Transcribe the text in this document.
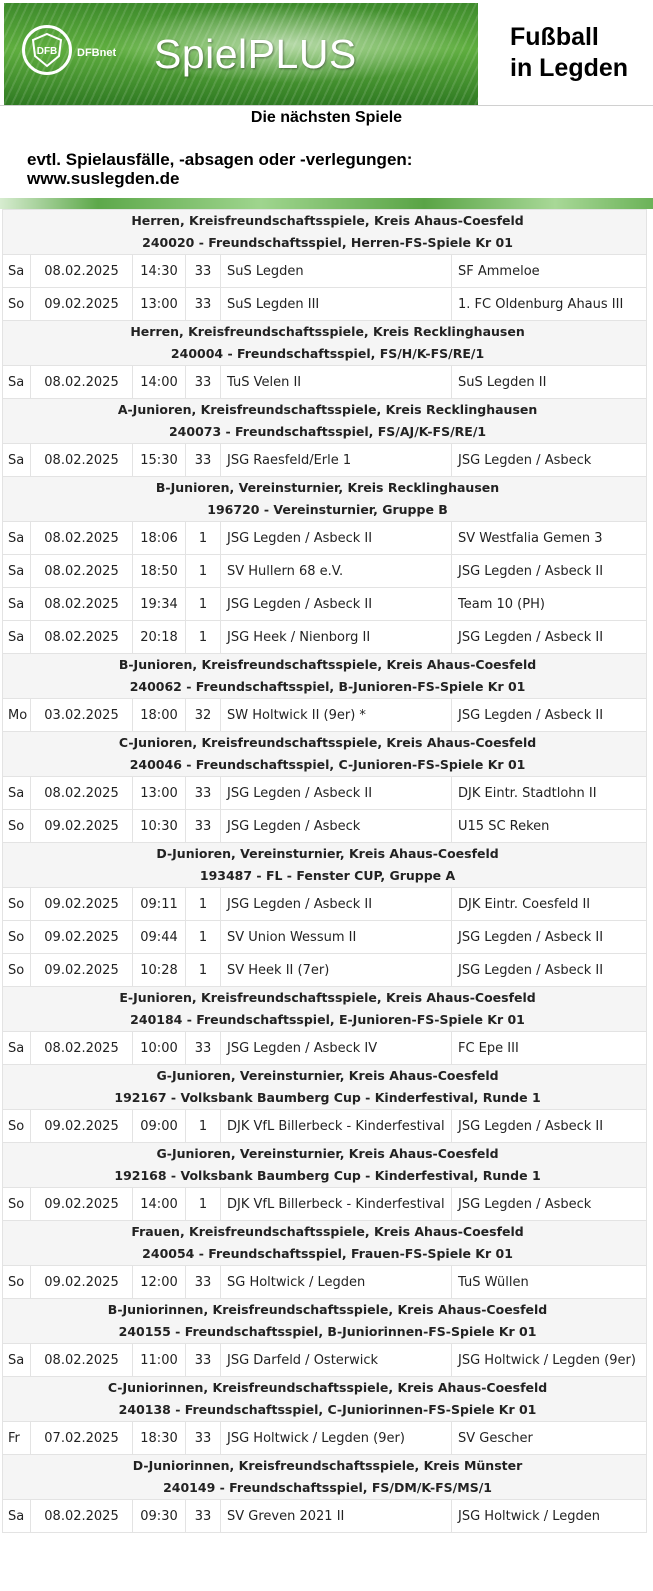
DFB DFBnet SpielPLUS	Fußball
in Legden
Die nächsten Spiele
evtl. Spielausfälle, -absagen oder -verlegungen:
www.suslegden.de
Herren, Kreisfreundschaftsspiele, Kreis Ahaus-Coesfeld
240020 - Freundschaftsspiel, Herren-FS-Spiele Kr 01					

Sa	08.02.2025	14:30	33	SuS Legden	SF Ammeloe
So	09.02.2025	13:00	33	SuS Legden III	1. FC Oldenburg Ahaus III

Herren, Kreisfreundschaftsspiele, Kreis Recklinghausen
240004 - Freundschaftsspiel, FS/H/K-FS/RE/1					

Sa	08.02.2025	14:00	33	TuS Velen II	SuS Legden II

A-Junioren, Kreisfreundschaftsspiele, Kreis Recklinghausen
240073 - Freundschaftsspiel, FS/AJ/K-FS/RE/1					

Sa	08.02.2025	15:30	33	JSG Raesfeld/Erle 1	JSG Legden / Asbeck

B-Junioren, Vereinsturnier, Kreis Recklinghausen
196720 - Vereinsturnier, Gruppe B					

Sa	08.02.2025	18:06	1	JSG Legden / Asbeck II	SV Westfalia Gemen 3
Sa	08.02.2025	18:50	1	SV Hullern 68 e.V.	JSG Legden / Asbeck II
Sa	08.02.2025	19:34	1	JSG Legden / Asbeck II	Team 10 (PH)
Sa	08.02.2025	20:18	1	JSG Heek / Nienborg II	JSG Legden / Asbeck II

B-Junioren, Kreisfreundschaftsspiele, Kreis Ahaus-Coesfeld
240062 - Freundschaftsspiel, B-Junioren-FS-Spiele Kr 01					

Mo	03.02.2025	18:00	32	SW Holtwick II (9er) *	JSG Legden / Asbeck II

C-Junioren, Kreisfreundschaftsspiele, Kreis Ahaus-Coesfeld
240046 - Freundschaftsspiel, C-Junioren-FS-Spiele Kr 01					

Sa	08.02.2025	13:00	33	JSG Legden / Asbeck II	DJK Eintr. Stadtlohn II
So	09.02.2025	10:30	33	JSG Legden / Asbeck	U15 SC Reken

D-Junioren, Vereinsturnier, Kreis Ahaus-Coesfeld
193487 - FL - Fenster CUP, Gruppe A					

So	09.02.2025	09:11	1	JSG Legden / Asbeck II	DJK Eintr. Coesfeld II
So	09.02.2025	09:44	1	SV Union Wessum II	JSG Legden / Asbeck II
So	09.02.2025	10:28	1	SV Heek II (7er)	JSG Legden / Asbeck II

E-Junioren, Kreisfreundschaftsspiele, Kreis Ahaus-Coesfeld
240184 - Freundschaftsspiel, E-Junioren-FS-Spiele Kr 01					

Sa	08.02.2025	10:00	33	JSG Legden / Asbeck IV	FC Epe III

G-Junioren, Vereinsturnier, Kreis Ahaus-Coesfeld
192167 - Volksbank Baumberg Cup - Kinderfestival, Runde 1					

So	09.02.2025	09:00	1	DJK VfL Billerbeck - Kinderfestival	JSG Legden / Asbeck II

G-Junioren, Vereinsturnier, Kreis Ahaus-Coesfeld
192168 - Volksbank Baumberg Cup - Kinderfestival, Runde 1					

So	09.02.2025	14:00	1	DJK VfL Billerbeck - Kinderfestival	JSG Legden / Asbeck

Frauen, Kreisfreundschaftsspiele, Kreis Ahaus-Coesfeld
240054 - Freundschaftsspiel, Frauen-FS-Spiele Kr 01					

So	09.02.2025	12:00	33	SG Holtwick / Legden	TuS Wüllen

B-Juniorinnen, Kreisfreundschaftsspiele, Kreis Ahaus-Coesfeld
240155 - Freundschaftsspiel, B-Juniorinnen-FS-Spiele Kr 01					

Sa	08.02.2025	11:00	33	JSG Darfeld / Osterwick	JSG Holtwick / Legden (9er)

C-Juniorinnen, Kreisfreundschaftsspiele, Kreis Ahaus-Coesfeld
240138 - Freundschaftsspiel, C-Juniorinnen-FS-Spiele Kr 01					

Fr	07.02.2025	18:30	33	JSG Holtwick / Legden (9er)	SV Gescher

D-Juniorinnen, Kreisfreundschaftsspiele, Kreis Münster
240149 - Freundschaftsspiel, FS/DM/K-FS/MS/1					

Sa	08.02.2025	09:30	33	SV Greven 2021 II	JSG Holtwick / Legden
